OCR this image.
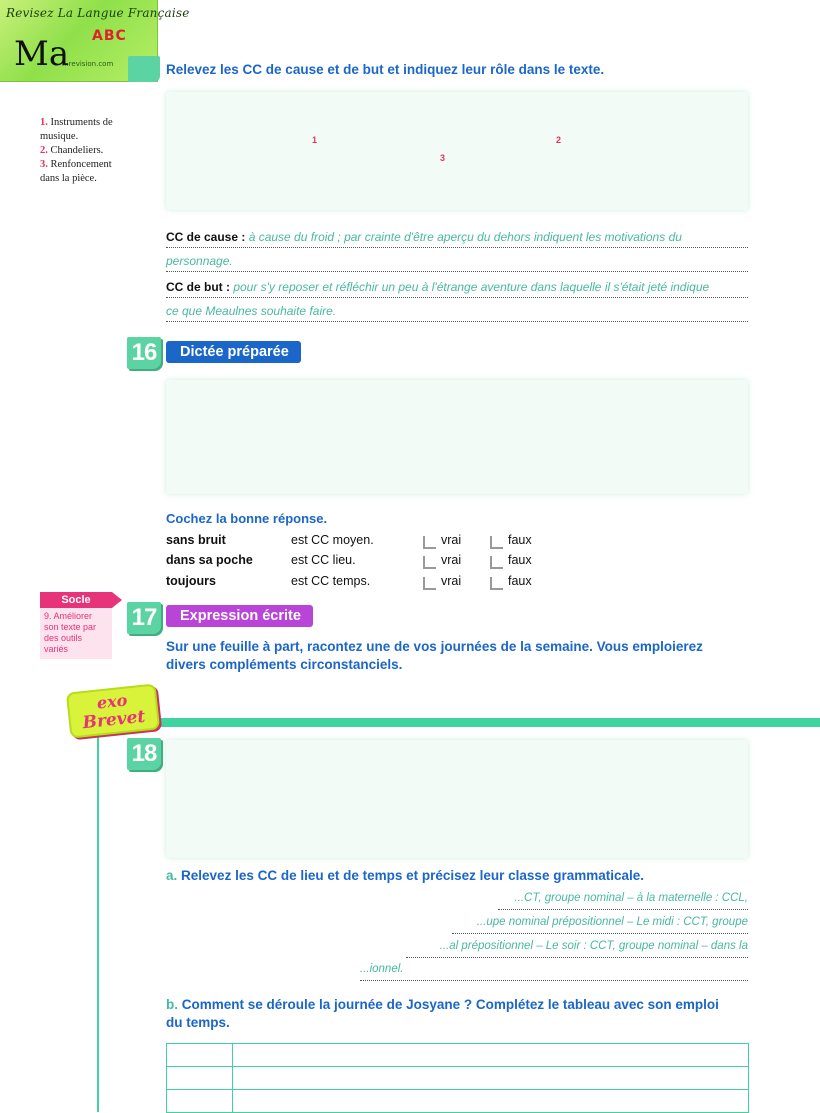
Revisez La Langue Française
Ma ABC
...revision.com	Relevez les CC de cause et de but et indiquez leur rôle dans le texte.
1. Instruments de musique.
2. Chandeliers.
3. Renfoncement dans la pièce.
1	2
3
CC de cause : à cause du froid ; par crainte d'être aperçu du dehors indiquent les motivations du
personnage.
CC de but : pour s'y reposer et réfléchir un peu à l'étrange aventure dans laquelle il s'était jeté indique
ce que Meaulnes souhaite faire.
16	Dictée préparée
Cochez la bonne réponse.
sans bruit	est CC moyen.	vrai	faux
dans sa poche	est CC lieu.	vrai	faux
toujours	est CC temps.	vrai	faux
Socle
9. Améliorer son texte par des outils variés
17	Expression écrite
Sur une feuille à part, racontez une de vos journées de la semaine. Vous emploierez divers compléments circonstanciels.
exo
Brevet
18
a. Relevez les CC de lieu et de temps et précisez leur classe grammaticale.
...CT, groupe nominal – à la maternelle : CCL,
...upe nominal prépositionnel – Le midi : CCT, groupe
...al prépositionnel – Le soir : CCT, groupe nominal – dans la
...ionnel.
b. Comment se déroule la journée de Josyane ? Complétez le tableau avec son emploi du temps.
